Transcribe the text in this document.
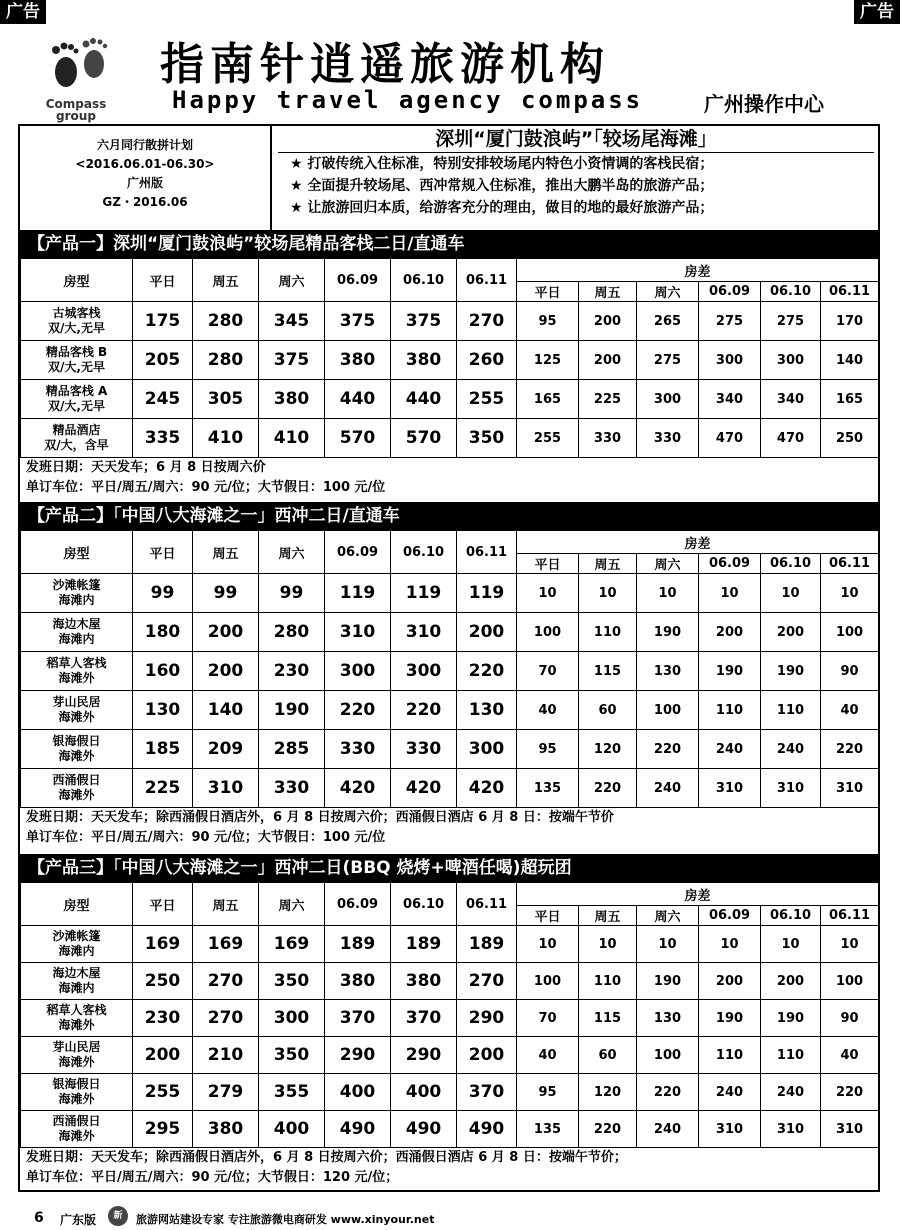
广告	广告
Compass
group
指南针逍遥旅游机构
Happy travel agency compass	广州操作中心
六月同行散拼计划
<2016.06.01-06.30>
广州版
GZ・2016.06
深圳“厦门鼓浪屿”「较场尾海滩」
★ 打破传统入住标准，特别安排较场尾内特色小资情调的客栈民宿；
★ 全面提升较场尾、西冲常规入住标准，推出大鹏半岛的旅游产品；
★ 让旅游回归本质，给游客充分的理由，做目的地的最好旅游产品；
【产品一】深圳“厦门鼓浪屿”较场尾精品客栈二日/直通车
房型	平日	周五	周六	06.09	06.10	06.11	房差					
							平日	周五	周六	06.09	06.10	06.11

古城客栈
双/大,无早	175	280	345	375	375	270	95	200	265	275	275	170

精品客栈 B
双/大,无早	205	280	375	380	380	260	125	200	275	300	300	140

精品客栈 A
双/大,无早	245	305	380	440	440	255	165	225	300	340	340	165

精品酒店
双/大，含早	335	410	410	570	570	350	255	330	330	470	470	250
发班日期：天天发车；6 月 8 日按周六价
单订车位：平日/周五/周六：90 元/位；大节假日：100 元/位
【产品二】「中国八大海滩之一」西冲二日/直通车
房型	平日	周五	周六	06.09	06.10	06.11	房差					
							平日	周五	周六	06.09	06.10	06.11

沙滩帐篷
海滩内	99	99	99	119	119	119	10	10	10	10	10	10

海边木屋
海滩内	180	200	280	310	310	200	100	110	190	200	200	100

稻草人客栈
海滩外	160	200	230	300	300	220	70	115	130	190	190	90

芽山民居
海滩外	130	140	190	220	220	130	40	60	100	110	110	40

银海假日
海滩外	185	209	285	330	330	300	95	120	220	240	240	220

西涌假日
海滩外	225	310	330	420	420	420	135	220	240	310	310	310
发班日期：天天发车；除西涌假日酒店外，6 月 8 日按周六价；西涌假日酒店 6 月 8 日：按端午节价
单订车位：平日/周五/周六：90 元/位；大节假日：100 元/位
【产品三】「中国八大海滩之一」西冲二日(BBQ 烧烤+啤酒任喝)超玩团
房型	平日	周五	周六	06.09	06.10	06.11	房差					
							平日	周五	周六	06.09	06.10	06.11

沙滩帐篷
海滩内	169	169	169	189	189	189	10	10	10	10	10	10

海边木屋
海滩内	250	270	350	380	380	270	100	110	190	200	200	100

稻草人客栈
海滩外	230	270	300	370	370	290	70	115	130	190	190	90

芽山民居
海滩外	200	210	350	290	290	200	40	60	100	110	110	40

银海假日
海滩外	255	279	355	400	400	370	95	120	220	240	240	220

西涌假日
海滩外	295	380	400	490	490	490	135	220	240	310	310	310
发班日期：天天发车；除西涌假日酒店外，6 月 8 日按周六价；西涌假日酒店 6 月 8 日：按端午节价；
单订车位：平日/周五/周六：90 元/位；大节假日：120 元/位；
6 广东版	新	旅游网站建设专家 专注旅游微电商研发 www.xinyour.net
